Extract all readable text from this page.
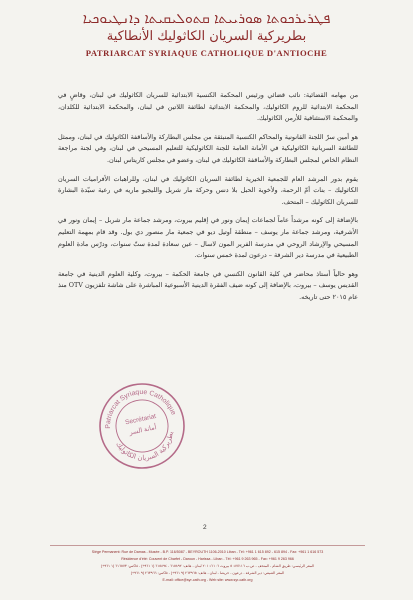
ܦܛܪܝܪܟܘܬܐ ܣܘܪܝܝܬܐ ܩܬܘܠܝܩܝܬܐ ܕܐܢܛܝܘܟܝܐ
بطريركية السريان الكاثوليك الأنطاكية
PATRIARCAT SYRIAQUE CATHOLIQUE D'ANTIOCHE

من مهامه القضائية: نائب قضائي ورئيس المحكمة الكنسية الابتدائية للسريان الكاثوليك في لبنان، وقاضٍ في المحكمة الابتدائية للروم الكاثوليك، والمحكمة الابتدائية لطائفة اللاتين في لبنان، والمحكمة الابتدائية للكلدان، والمحكمة الاستئنافية للأرمن الكاثوليك.

هو أمين سرّ اللجنة القانونية والمحاكم الكنسية المنبثقة من مجلس البطاركة والأساقفة الكاثوليك في لبنان، وممثل للطائفة السريانية الكاثوليكية في الأمانة العامة للجنة الكاثوليكية للتعليم المسيحي في لبنان، وفي لجنة مراجعة النظام الخاص لمجلس البطاركة والأساقفة الكاثوليك في لبنان، وعضو في مجلس كاريتاس لبنان.

يقوم بدور المرشد العام للجمعية الخيرية لطائفة السريان الكاثوليك في لبنان، وللراهبات الأفراميات السريان الكاثوليك – بنات أمّ الرحمة، ولأخوية الحبل بلا دنس وحركة مار شربل والليجيو ماريه في رعية سيّدة البشارة للسريان الكاثوليك – المتحف.

بالإضافة إلى كونه مرشداً عاماً لجماعات إيمان ونور في إقليم بيروت، ومرشد جماعة مار شربل – إيمان ونور في الأشرفية، ومرشد جماعة مار يوسف – منطقة أوتيل ديو في جمعية مار منصور دي بول. وقد قام بمهمة التعليم المسيحي والإرشاد الروحي في مدرسة الفرير المون لاسال – عين سعادة لمدة ستّ سنوات، ودرّس مادة العلوم الطبيعية في مدرسة دير الشرفة – درعون لمدة خمس سنوات.

وهو حالياً أستاذ محاضر في كلية القانون الكنسي في جامعة الحكمة – بيروت، وكلية العلوم الدينية في جامعة القديس يوسف – بيروت، بالإضافة إلى كونه ضيف الفقرة الدينية الأسبوعية المباشرة على شاشة تلفزيون OTV منذ عام ٢٠١٥ حتى تاريخه.

Patriarcat Syriaque Catholique
بطريركية السريان الكاثوليك
Secrétariat
أمانة السر
2
Siège Permanent: Rue de Damas - Musée - B.P. 116/5087 - BEYROUTH 1106-2010 Liban - Tél: +961 1 615 892 - 615 894 - Fax: +961 1 616 573
Résidence d'été: Couvent de Charfet - Daroun - Harissa - Liban - Tél: +961 9 263 965 - Fax: +961 9 263 966
المقر الرئيسي: طريق الشام - المتحف - ص.ب ٥٠٨٧/١١٦ بيروت ٢٠١٠/١١٠٦ لبنان - هاتف: ٦١٥٨٩٢ - ٦١٥٨٩٤ (١ ٩٦١+) - فاكس: ٦١٦٥٧٣ (١ ٩٦١+)
المقر الصيفي: دير الشرفة - درعون - حريصا - لبنان - هاتف: ٢٦٣٩٦٥ (٩ ٩٦١+) - فاكس: ٢٦٣٩٦٦ (٩ ٩٦١+)
E-mail: office@syr-cath.org - Web site: www.syr-cath.org
